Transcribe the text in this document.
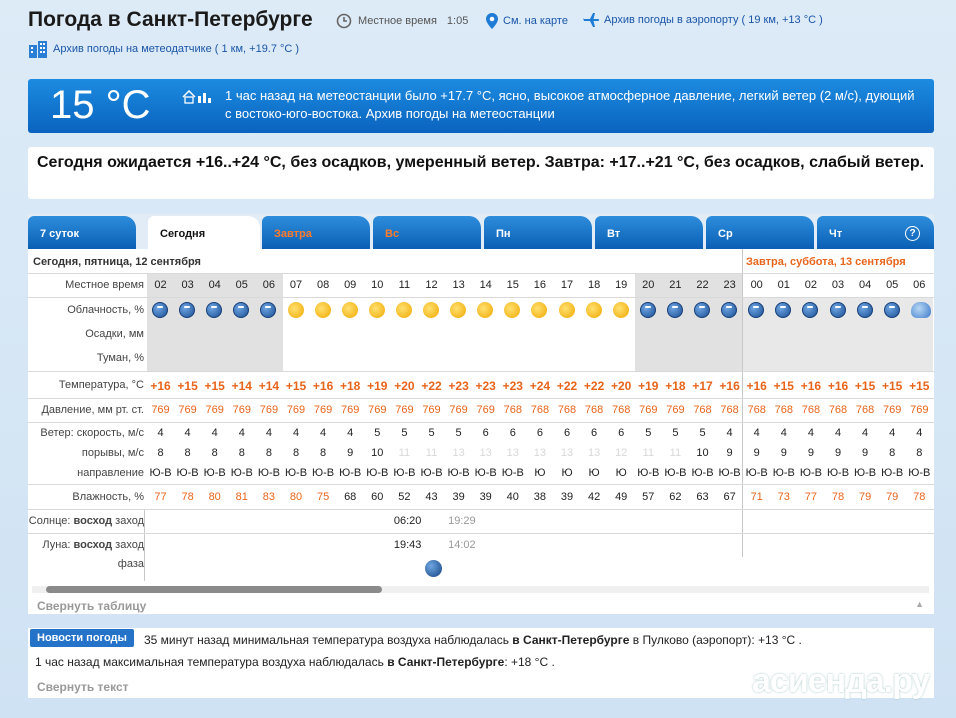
Погода в Санкт-Петербурге	Местное время 1:05	См. на карте	Архив погоды в аэропорту ( 19 км, +13 °C )
Архив погоды на метеодатчике ( 1 км, +19.7 °C )
15 °C	1 час назад на метеостанции было +17.7 °C, ясно, высокое атмосферное давление, легкий ветер (2 м/с), дующий с востоко-юго-востока. Архив погоды на метеостанции
Сегодня ожидается +16..+24 °C, без осадков, умеренный ветер. Завтра: +17..+21 °C, без осадков, слабый ветер.
7 суток	Сегодня	Завтра	Вс	Пн	Вт	Ср	Чт	?
Сегодня, пятница, 12 сентября	Завтра, суббота, 13 сентября
Местное время 02	03	04	05	06	07	08	09	10	11	12	13	14	15	16	17	18	19	20	21	22	23	00	01	02	03	04	05	06
Облачность, %
Осадки, мм
Туман, %
Температура, °C +16 +15 +15 +14 +14 +15 +16 +18 +19 +20 +22 +23 +23 +23 +24 +22 +22 +20 +19 +18 +17 +16 +16 +15 +16 +16 +15 +15 +15
Давление, мм рт. ст. 769 769 769 769 769 769 769 769 769 769 769 769 769 768 768 768 768 768 769 769 768 768 768 768 768 768 768 769 769
Ветер: скорость, м/с	4	4	4	4	4	4	4	4	5	5	5	5	6	6	6	6	6	6	5	5	5	4	4	4	4	4	4	4	4
порывы, м/с	8	8	8	8	8	8	8	9	10	11	11	13	13	13	13	13	13	12	11	11	10	9	9	9	9	9	9	8	8
направление Ю-В Ю-В Ю-В Ю-В Ю-В Ю-В Ю-В Ю-В Ю-В Ю-В Ю-В Ю-В Ю-В Ю-В Ю	Ю	Ю	Ю Ю-В Ю-В Ю-В Ю-В Ю-В Ю-В Ю-В Ю-В Ю-В Ю-В Ю-В
Влажность, % 77	78	80	81	83	80	75	68	60	52	43	39	39	40	38	39	42	49	57	62	63	67	71	73	77	78	79	79	78
Солнце: восход заход	06:20 19:29
Луна: восход заход	19:43 14:02
фаза
Свернуть таблицу	▲
Новости погоды	35 минут назад минимальная температура воздуха наблюдалась в Санкт-Петербурге в Пулково (аэропорт): +13 °C .
1 час назад максимальная температура воздуха наблюдалась в Санкт-Петербурге: +18 °C .
Свернуть текст	асиенда.ру
